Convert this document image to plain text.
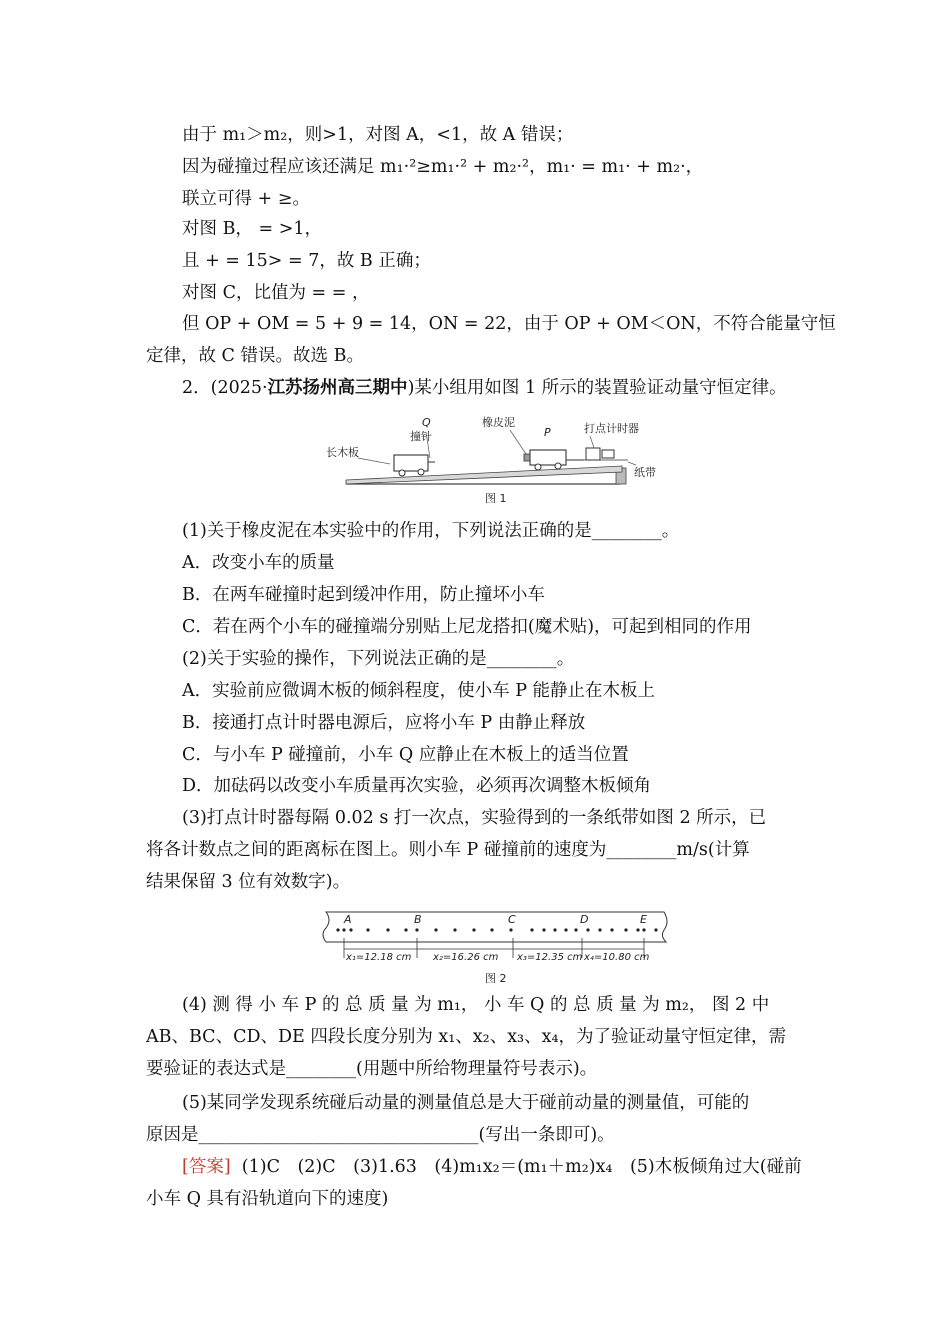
由于 m₁＞m₂，则>1，对图 A，<1，故 A 错误；
因为碰撞过程应该还满足 m₁·²≥m₁·² + m₂·²，m₁· = m₁· + m₂·，
联立可得 + ≥。
对图 B， = >1，
且 + = 15> = 7，故 B 正确；
对图 C，比值为 = = ，
但 OP + OM = 5 + 9 = 14，ON = 22，由于 OP + OM＜ON，不符合能量守恒
定律，故 C 错误。故选 B。
2．(2025·江苏扬州高三期中)某小组用如图 1 所示的装置验证动量守恒定律。
长木板
Q
撞针
橡皮泥
P	打点计时器
纸带
图 1
(1)关于橡皮泥在本实验中的作用，下列说法正确的是________。
A．改变小车的质量
B．在两车碰撞时起到缓冲作用，防止撞坏小车
C．若在两个小车的碰撞端分别贴上尼龙搭扣(魔术贴)，可起到相同的作用
(2)关于实验的操作，下列说法正确的是________。
A．实验前应微调木板的倾斜程度，使小车 P 能静止在木板上
B．接通打点计时器电源后，应将小车 P 由静止释放
C．与小车 P 碰撞前，小车 Q 应静止在木板上的适当位置
D．加砝码以改变小车质量再次实验，必须再次调整木板倾角
(3)打点计时器每隔 0.02 s 打一次点，实验得到的一条纸带如图 2 所示，已
将各计数点之间的距离标在图上。则小车 P 碰撞前的速度为________m/s(计算
结果保留 3 位有效数字)。
A	B	C	D	E
x₁=12.18 cm x₂=16.26 cm x₃=12.35 cm x₄=10.80 cm
图 2
(4) 测 得 小 车 P 的 总 质 量 为 m₁， 小 车 Q 的 总 质 量 为 m₂， 图 2 中
AB、BC、CD、DE 四段长度分别为 x₁、x₂、x₃、x₄，为了验证动量守恒定律，需
要验证的表达式是________(用题中所给物理量符号表示)。
(5)某同学发现系统碰后动量的测量值总是大于碰前动量的测量值，可能的
原因是________________________________(写出一条即可)。
[答案] (1)C　(2)C　(3)1.63　(4)m₁x₂＝(m₁＋m₂)x₄　(5)木板倾角过大(碰前
小车 Q 具有沿轨道向下的速度)
